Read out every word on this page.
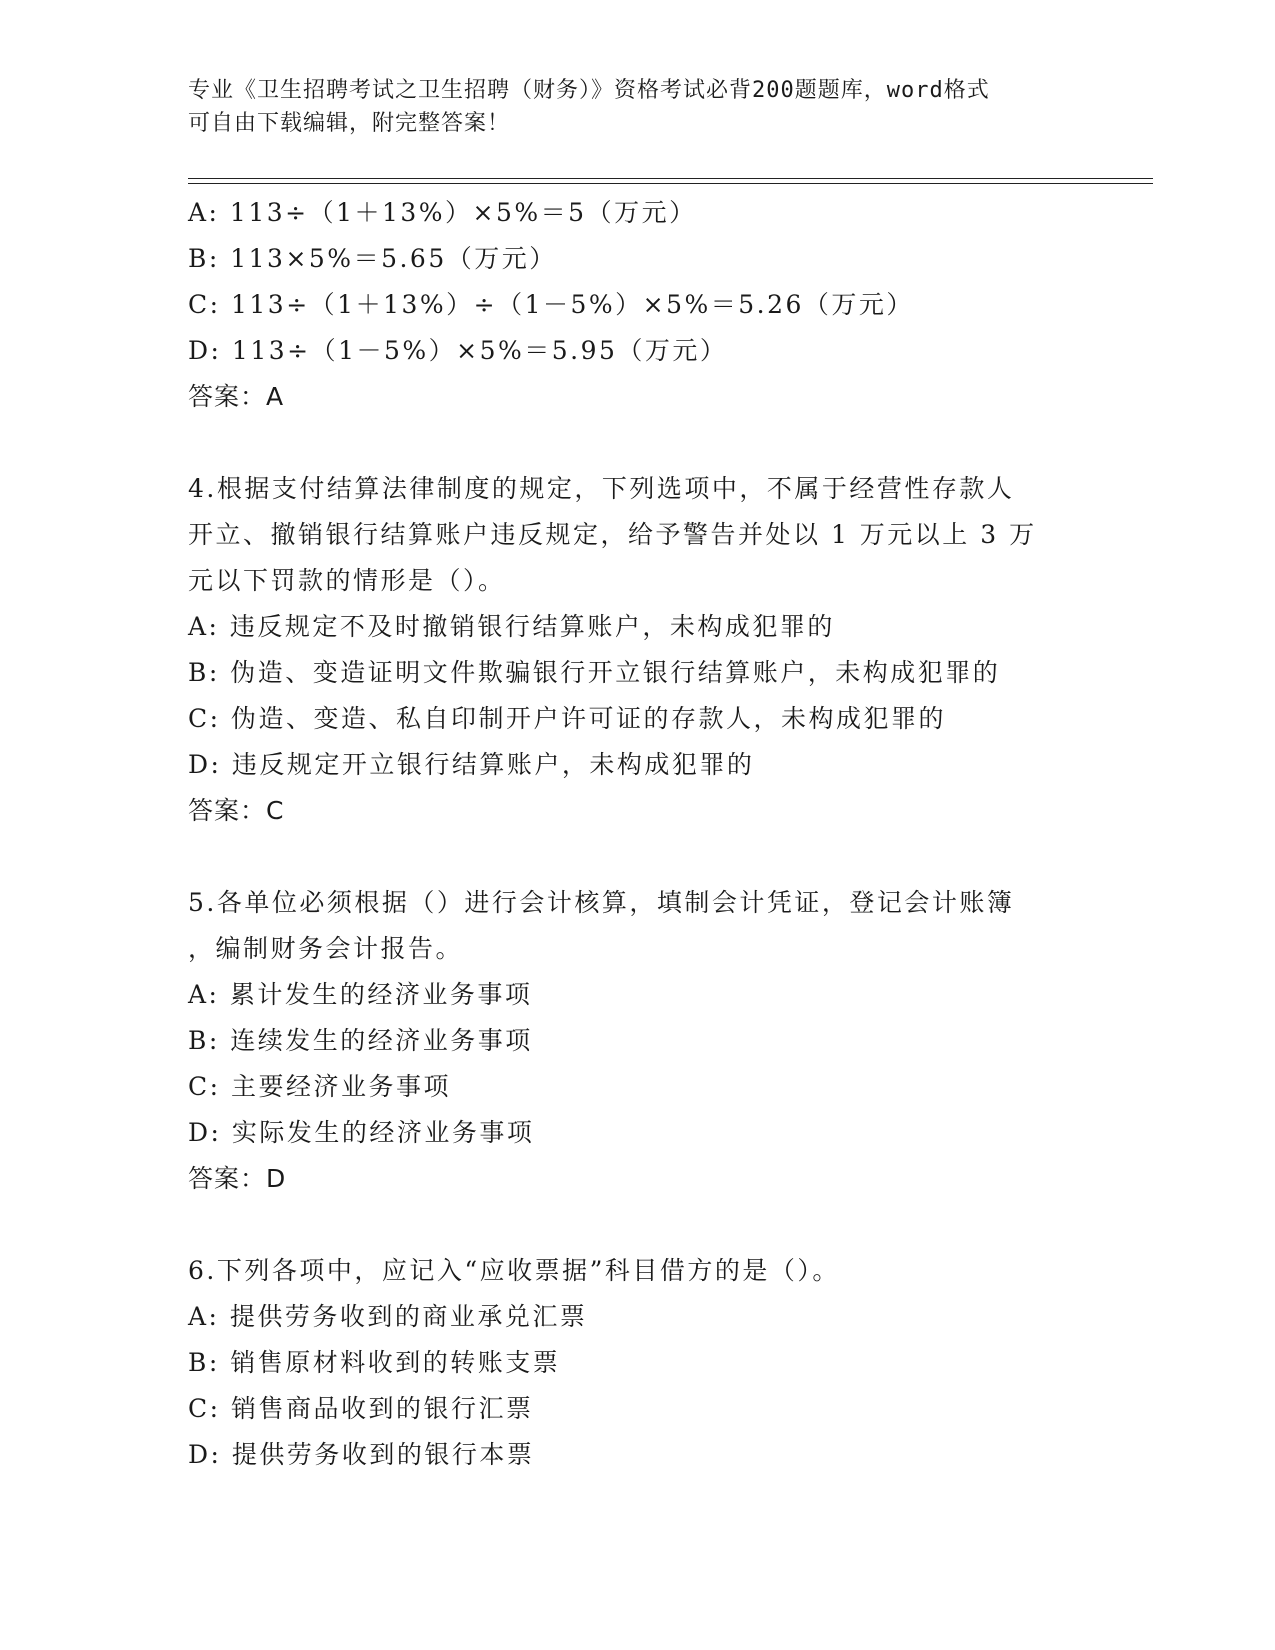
专业《卫生招聘考试之卫生招聘（财务）》资格考试必背200题题库，word格式
可自由下载编辑，附完整答案！
A: 113÷（1＋13%）×5%＝5（万元）
B: 113×5%＝5.65（万元）
C: 113÷（1＋13%）÷（1－5%）×5%＝5.26（万元）
D: 113÷（1－5%）×5%＝5.95（万元）
答案：A
4.根据支付结算法律制度的规定，下列选项中，不属于经营性存款人
开立、撤销银行结算账户违反规定，给予警告并处以 1 万元以上 3 万
元以下罚款的情形是（）。
A: 违反规定不及时撤销银行结算账户，未构成犯罪的
B: 伪造、变造证明文件欺骗银行开立银行结算账户，未构成犯罪的
C: 伪造、变造、私自印制开户许可证的存款人，未构成犯罪的
D: 违反规定开立银行结算账户，未构成犯罪的
答案：C
5.各单位必须根据（）进行会计核算，填制会计凭证，登记会计账簿
，编制财务会计报告。
A: 累计发生的经济业务事项
B: 连续发生的经济业务事项
C: 主要经济业务事项
D: 实际发生的经济业务事项
答案：D
6.下列各项中，应记入“应收票据”科目借方的是（）。
A: 提供劳务收到的商业承兑汇票
B: 销售原材料收到的转账支票
C: 销售商品收到的银行汇票
D: 提供劳务收到的银行本票
